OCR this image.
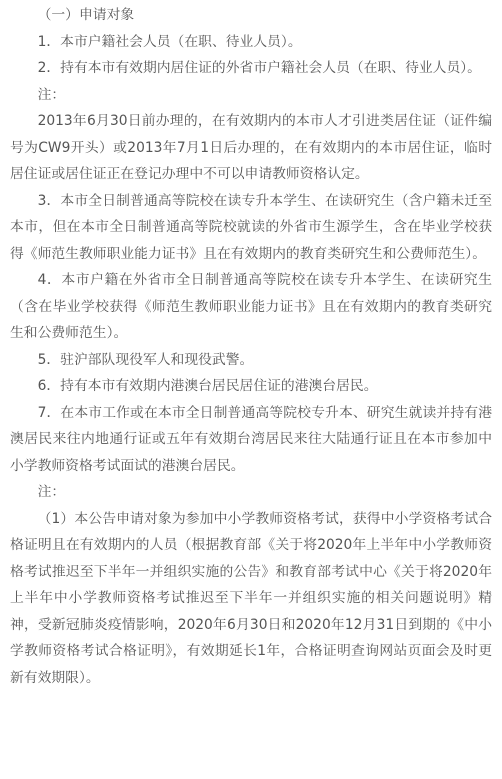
（一）申请对象

1．本市户籍社会人员（在职、待业人员）。

2．持有本市有效期内居住证的外省市户籍社会人员（在职、待业人员）。

注：

2013年6月30日前办理的，在有效期内的本市人才引进类居住证（证件编号为CW9开头）或2013年7月1日后办理的，在有效期内的本市居住证，临时居住证或居住证正在登记办理中不可以申请教师资格认定。

3．本市全日制普通高等院校在读专升本学生、在读研究生（含户籍未迁至本市，但在本市全日制普通高等院校就读的外省市生源学生，含在毕业学校获得《师范生教师职业能力证书》且在有效期内的教育类研究生和公费师范生）。

4．本市户籍在外省市全日制普通高等院校在读专升本学生、在读研究生（含在毕业学校获得《师范生教师职业能力证书》且在有效期内的教育类研究生和公费师范生）。

5．驻沪部队现役军人和现役武警。

6．持有本市有效期内港澳台居民居住证的港澳台居民。

7．在本市工作或在本市全日制普通高等院校专升本、研究生就读并持有港澳居民来往内地通行证或五年有效期台湾居民来往大陆通行证且在本市参加中小学教师资格考试面试的港澳台居民。

注：

（1）本公告申请对象为参加中小学教师资格考试，获得中小学资格考试合格证明且在有效期内的人员（根据教育部《关于将2020年上半年中小学教师资格考试推迟至下半年一并组织实施的公告》和教育部考试中心《关于将2020年上半年中小学教师资格考试推迟至下半年一并组织实施的相关问题说明》精神，受新冠肺炎疫情影响，2020年6月30日和2020年12月31日到期的《中小学教师资格考试合格证明》，有效期延长1年，合格证明查询网站页面会及时更新有效期限）。
